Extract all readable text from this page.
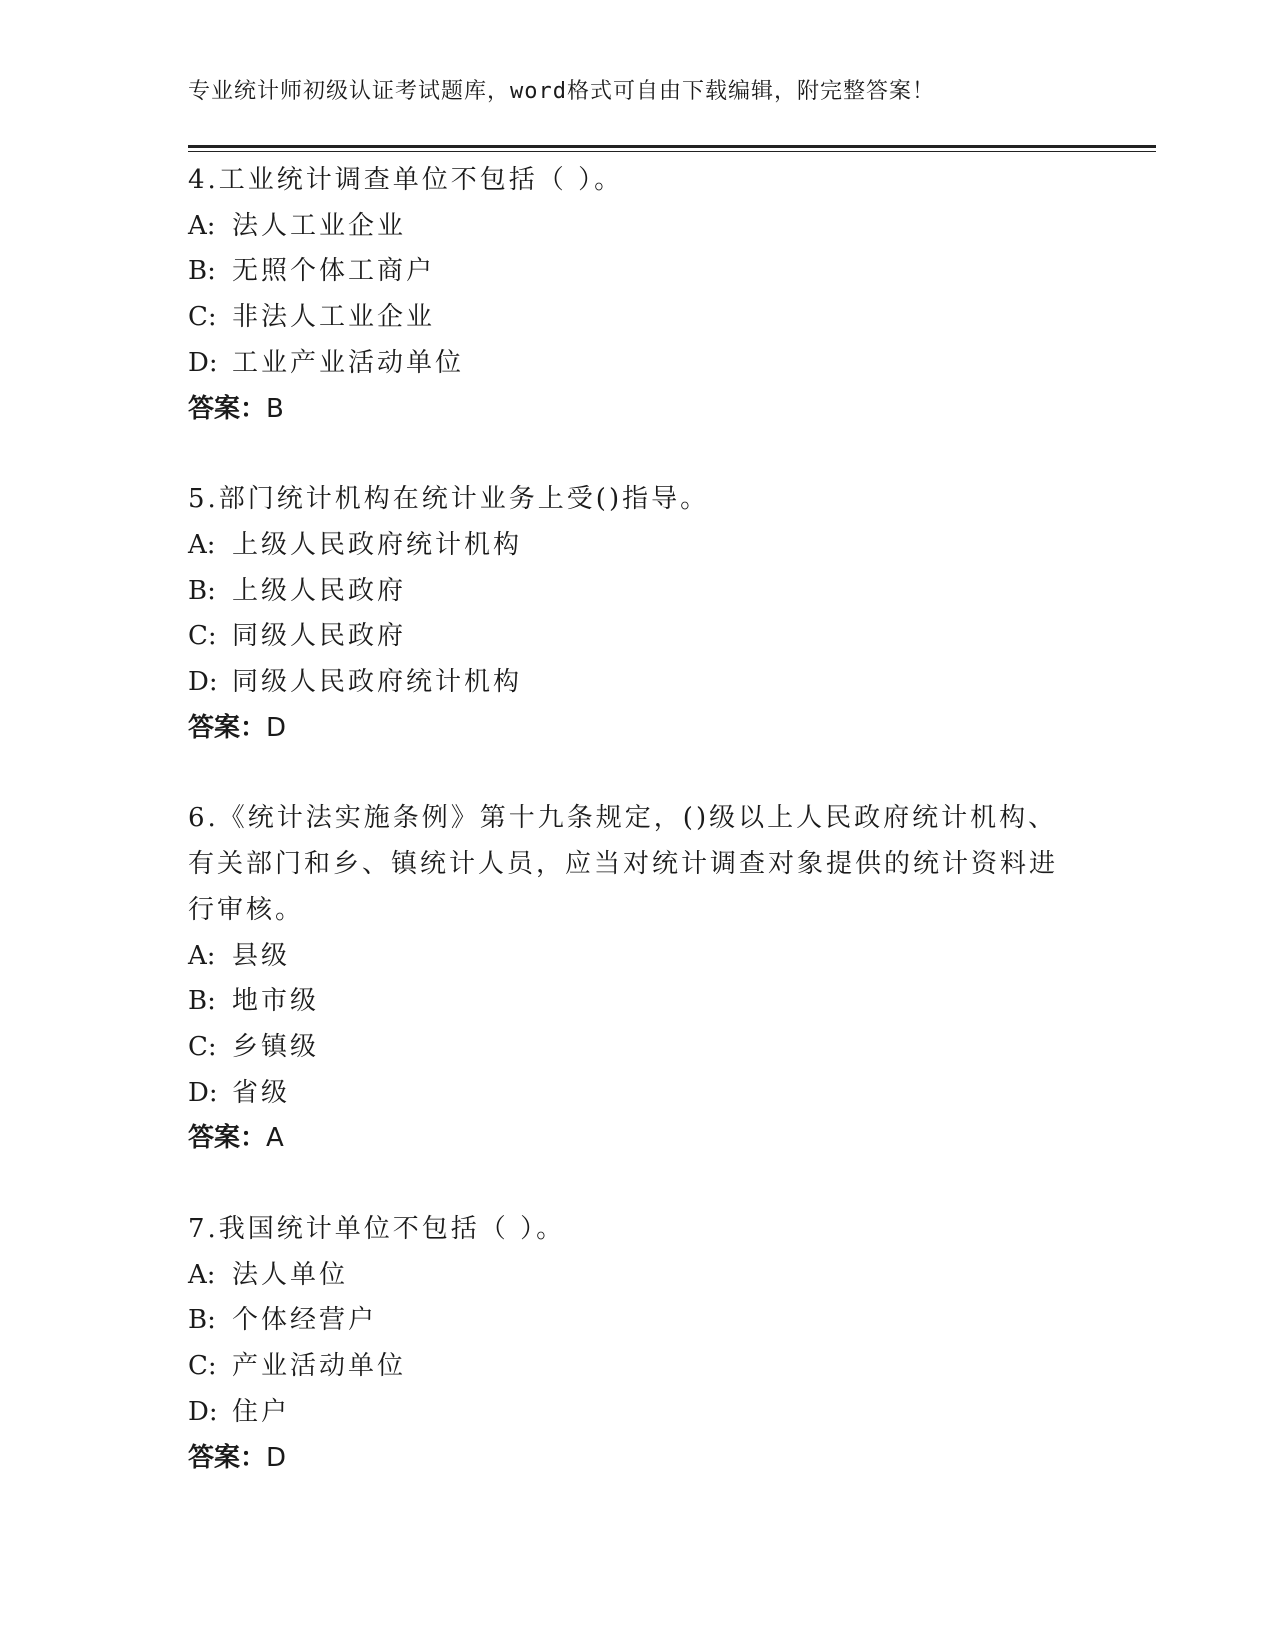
专业统计师初级认证考试题库，word格式可自由下载编辑，附完整答案！
4.工业统计调查单位不包括（ ）。
A: 法人工业企业
B: 无照个体工商户
C: 非法人工业企业
D: 工业产业活动单位
答案：B
5.部门统计机构在统计业务上受()指导。
A: 上级人民政府统计机构
B: 上级人民政府
C: 同级人民政府
D: 同级人民政府统计机构
答案：D
6.《统计法实施条例》第十九条规定，()级以上人民政府统计机构、
有关部门和乡、镇统计人员，应当对统计调查对象提供的统计资料进
行审核。
A: 县级
B: 地市级
C: 乡镇级
D: 省级
答案：A
7.我国统计单位不包括（ ）。
A: 法人单位
B: 个体经营户
C: 产业活动单位
D: 住户
答案：D
